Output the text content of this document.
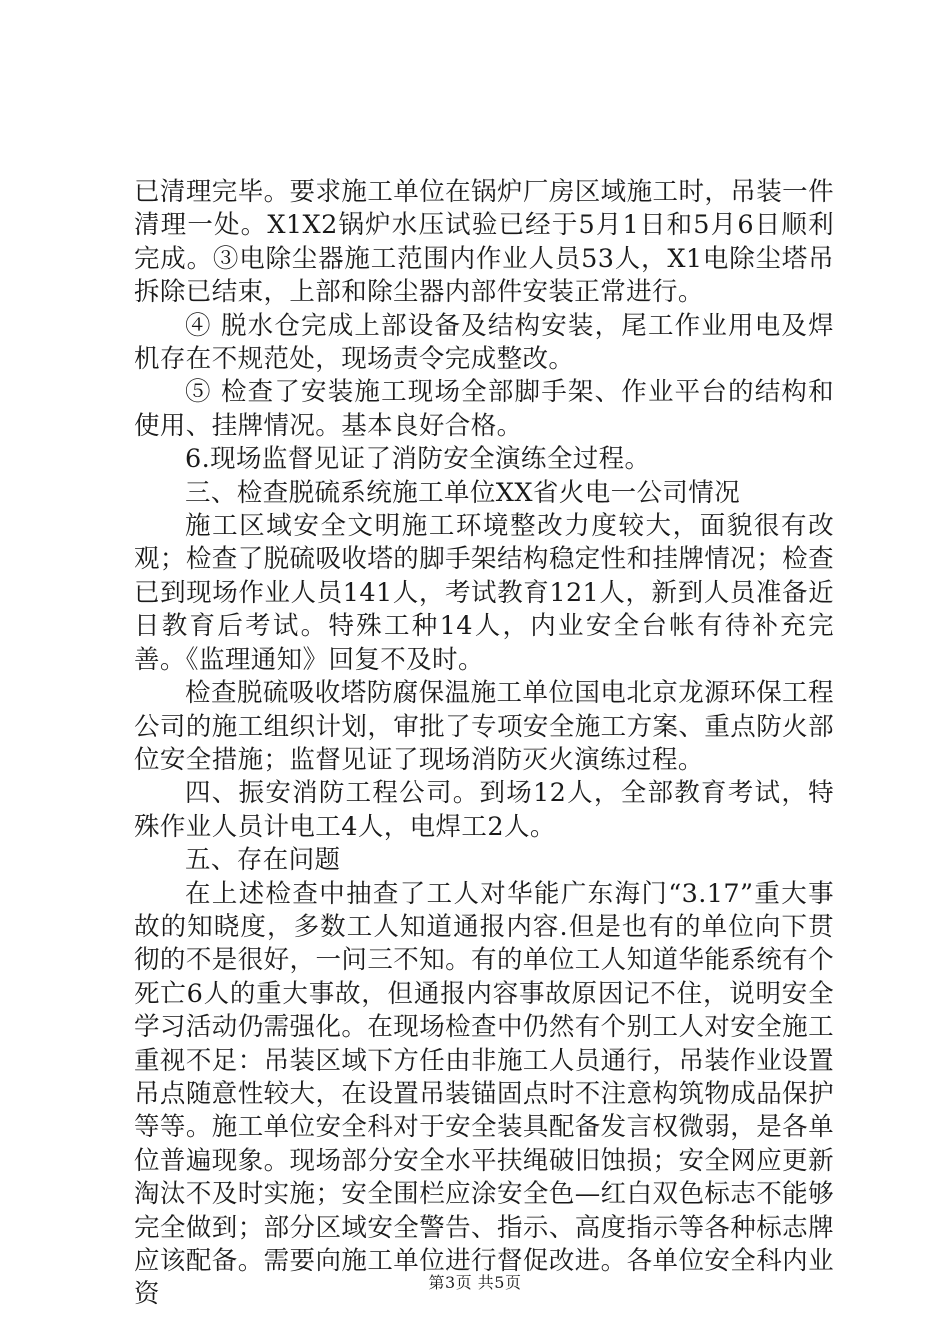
已清理完毕。要求施工单位在锅炉厂房区域施工时，吊装一件清理一处。X1X2锅炉水压试验已经于5月1日和5月6日顺利完成。③电除尘器施工范围内作业人员53人，X1电除尘塔吊拆除已结束，上部和除尘器内部件安装正常进行。

④ 脱水仓完成上部设备及结构安装，尾工作业用电及焊机存在不规范处，现场责令完成整改。

⑤ 检查了安装施工现场全部脚手架、作业平台的结构和使用、挂牌情况。基本良好合格。

6.现场监督见证了消防安全演练全过程。

三、检查脱硫系统施工单位XX省火电一公司情况

施工区域安全文明施工环境整改力度较大，面貌很有改观；检查了脱硫吸收塔的脚手架结构稳定性和挂牌情况；检查已到现场作业人员141人，考试教育121人，新到人员准备近日教育后考试。特殊工种14人，内业安全台帐有待补充完善。《监理通知》回复不及时。

检查脱硫吸收塔防腐保温施工单位国电北京龙源环保工程公司的施工组织计划，审批了专项安全施工方案、重点防火部位安全措施；监督见证了现场消防灭火演练过程。

四、振安消防工程公司。到场12人，全部教育考试，特殊作业人员计电工4人，电焊工2人。

五、存在问题

在上述检查中抽查了工人对华能广东海门“3.17”重大事故的知晓度，多数工人知道通报内容.但是也有的单位向下贯彻的不是很好，一问三不知。有的单位工人知道华能系统有个死亡6人的重大事故，但通报内容事故原因记不住，说明安全学习活动仍需强化。在现场检查中仍然有个别工人对安全施工重视不足：吊装区域下方任由非施工人员通行，吊装作业设置吊点随意性较大，在设置吊装锚固点时不注意构筑物成品保护等等。施工单位安全科对于安全装具配备发言权微弱，是各单位普遍现象。现场部分安全水平扶绳破旧蚀损；安全网应更新淘汰不及时实施；安全围栏应涂安全色—红白双色标志不能够完全做到；部分区域安全警告、指示、高度指示等各种标志牌应该配备。需要向施工单位进行督促改进。各单位安全科内业资	第3页 共5页
